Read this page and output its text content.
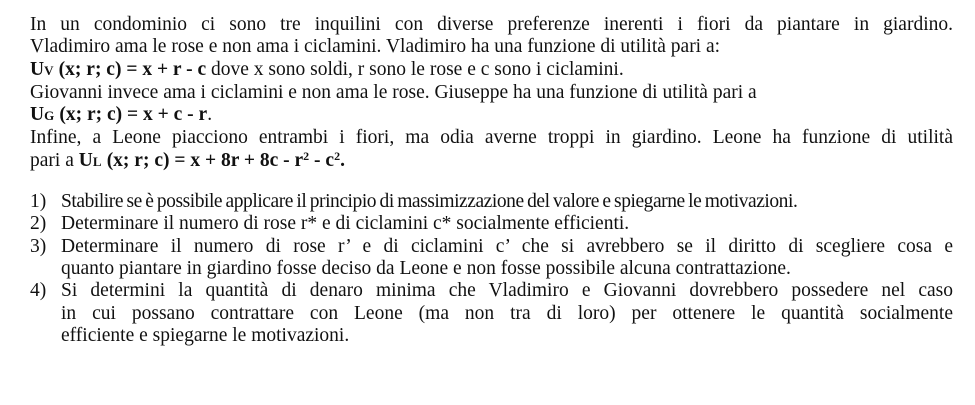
In un condominio ci sono tre inquilini con diverse preferenze inerenti i fiori da piantare in giardino.

Vladimiro ama le rose e non ama i ciclamini. Vladimiro ha una funzione di utilità pari a:

UV (x; r; c) = x + r - c dove x sono soldi, r sono le rose e c sono i ciclamini.

Giovanni invece ama i ciclamini e non ama le rose. Giuseppe ha una funzione di utilità pari a

UG (x; r; c) = x + c - r.

Infine, a Leone piacciono entrambi i fiori, ma odia averne troppi in giardino. Leone ha funzione di utilità

pari a UL (x; r; $c) = x + 8r + 8c - r^2 - c^2$.

1) Stabilire se è possibile applicare il principio di massimizzazione del valore e spiegarne le motivazioni.
2) Determinare il numero di rose r* e di ciclamini c* socialmente efficienti.
3) Determinare il numero di rose r’ e di ciclamini c’ che si avrebbero se il diritto di scegliere cosa e
quanto piantare in giardino fosse deciso da Leone e non fosse possibile alcuna contrattazione.
4) Si determini la quantità di denaro minima che Vladimiro e Giovanni dovrebbero possedere nel caso
in cui possano contrattare con Leone (ma non tra di loro) per ottenere le quantità socialmente
efficiente e spiegarne le motivazioni.
